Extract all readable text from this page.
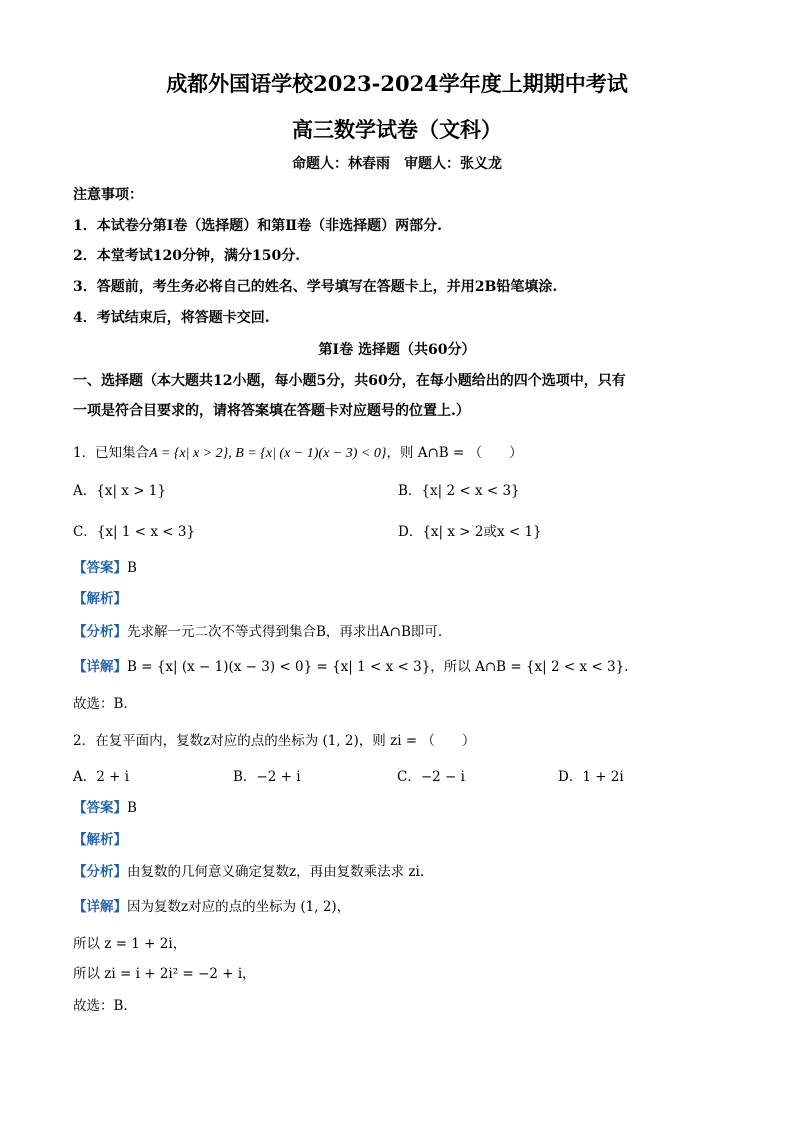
成都外国语学校2023-2024学年度上期期中考试
高三数学试卷（文科）
命题人：林春雨　审题人：张义龙
注意事项：
1．本试卷分第Ⅰ卷（选择题）和第Ⅱ卷（非选择题）两部分.
2．本堂考试120分钟，满分150分.
3．答题前，考生务必将自己的姓名、学号填写在答题卡上，并用2B铅笔填涂.
4．考试结束后，将答题卡交回.
第Ⅰ卷 选择题（共60分）
一、选择题（本大题共12小题，每小题5分，共60分，在每小题给出的四个选项中，只有
一项是符合目要求的，请将答案填在答题卡对应题号的位置上.）
1．已知集合A = {x| x > 2}, B = {x| (x − 1)(x − 3) < 0}，则 A∩B = （　　）
A．{x| x > 1}	B．{x| 2 < x < 3}
C．{x| 1 < x < 3}	D．{x| x > 2或x < 1}
【答案】B
【解析】
【分析】先求解一元二次不等式得到集合B，再求出A∩B即可.
【详解】B = {x| (x − 1)(x − 3) < 0} = {x| 1 < x < 3}，所以 A∩B = {x| 2 < x < 3}.
故选：B.
2．在复平面内，复数z对应的点的坐标为 (1, 2)，则 zi = （　　）
A．2 + i	B．−2 + i	C．−2 − i	D．1 + 2i
【答案】B
【解析】
【分析】由复数的几何意义确定复数z，再由复数乘法求 zi.
【详解】因为复数z对应的点的坐标为 (1, 2)，
所以 z = 1 + 2i，
所以 zi = i + 2i² = −2 + i，
故选：B.
